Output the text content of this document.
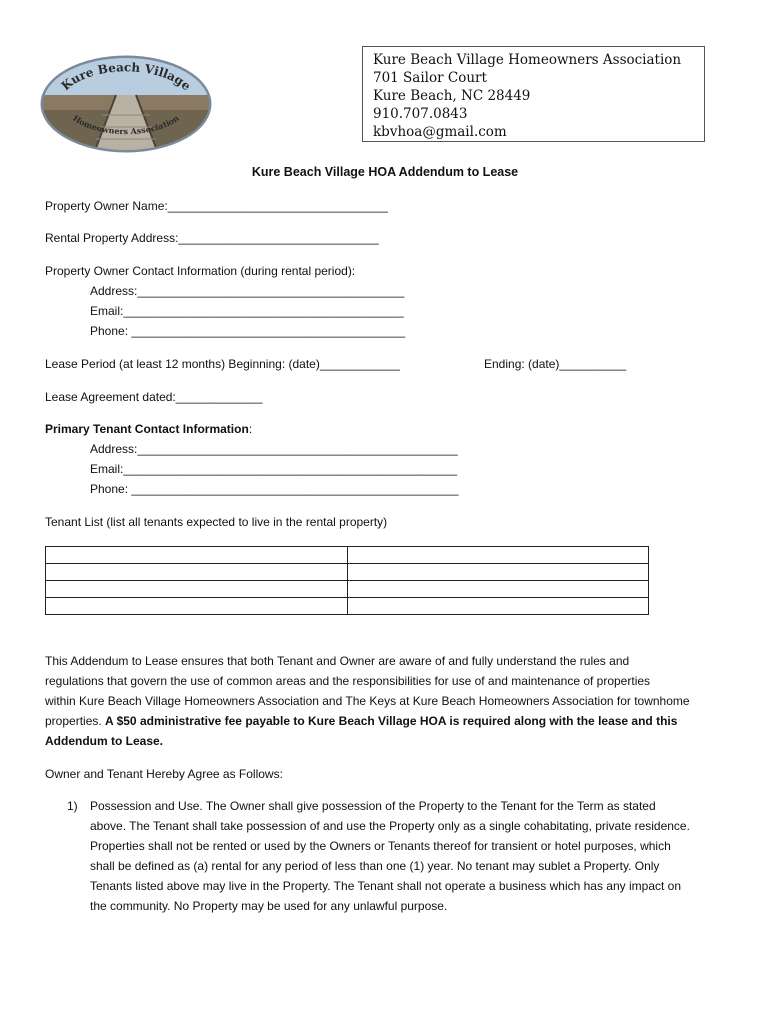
Kure Beach Village
Homeowners Association
Kure Beach Village Homeowners Association
701 Sailor Court
Kure Beach, NC 28449
910.707.0843
kbvhoa@gmail.com
Kure Beach Village HOA Addendum to Lease
Property Owner Name:_________________________________
Rental Property Address:______________________________
Property Owner Contact Information (during rental period):
Address:________________________________________
Email:__________________________________________
Phone: _________________________________________
Lease Period (at least 12 months) Beginning: (date)____________	Ending: (date)__________
Lease Agreement dated:_____________
Primary Tenant Contact Information:
Address:________________________________________________
Email:__________________________________________________
Phone: _________________________________________________
Tenant List (list all tenants expected to live in the rental property)

This Addendum to Lease ensures that both Tenant and Owner are aware of and fully understand the rules and
regulations that govern the use of common areas and the responsibilities for use of and maintenance of properties
within Kure Beach Village Homeowners Association and The Keys at Kure Beach Homeowners Association for townhome
properties. A $50 administrative fee payable to Kure Beach Village HOA is required along with the lease and this
Addendum to Lease.
Owner and Tenant Hereby Agree as Follows:
1) Possession and Use. The Owner shall give possession of the Property to the Tenant for the Term as stated
above. The Tenant shall take possession of and use the Property only as a single cohabitating, private residence.
Properties shall not be rented or used by the Owners or Tenants thereof for transient or hotel purposes, which
shall be defined as (a) rental for any period of less than one (1) year. No tenant may sublet a Property. Only
Tenants listed above may live in the Property. The Tenant shall not operate a business which has any impact on
the community. No Property may be used for any unlawful purpose.
